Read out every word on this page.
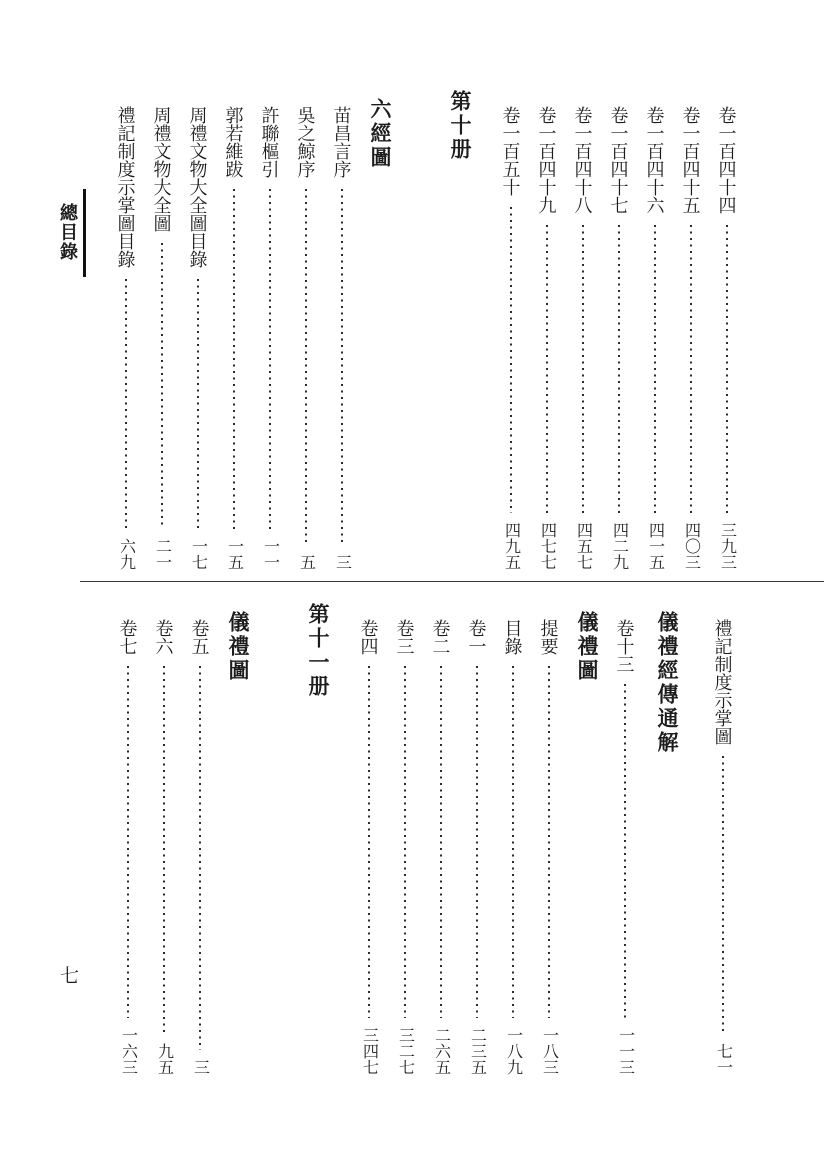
總目錄
卷一百四十四
三九三
卷一百四十五
四〇三
卷一百四十六
四一五
卷一百四十七
四二九
卷一百四十八
四五七
卷一百四十九
四七七
卷一百五十
四九五
第十册
六經圖
苗昌言序
三
吳之鯨序
五
許聯樞引
一一
郭若維跋
一五
周禮文物大全圖目錄
一七
周禮文物大全圖
二一
禮記制度示掌圖目錄
六九
禮記制度示掌圖
七一
儀禮經傳通解
卷十三
一一三
儀禮圖
提要
一八三
目錄
一八九
卷一
二三五
卷二
二六五
卷三
三二七
卷四
三四七
第十一册
儀禮圖
卷五
三
卷六
九五
卷七
一六三
七
